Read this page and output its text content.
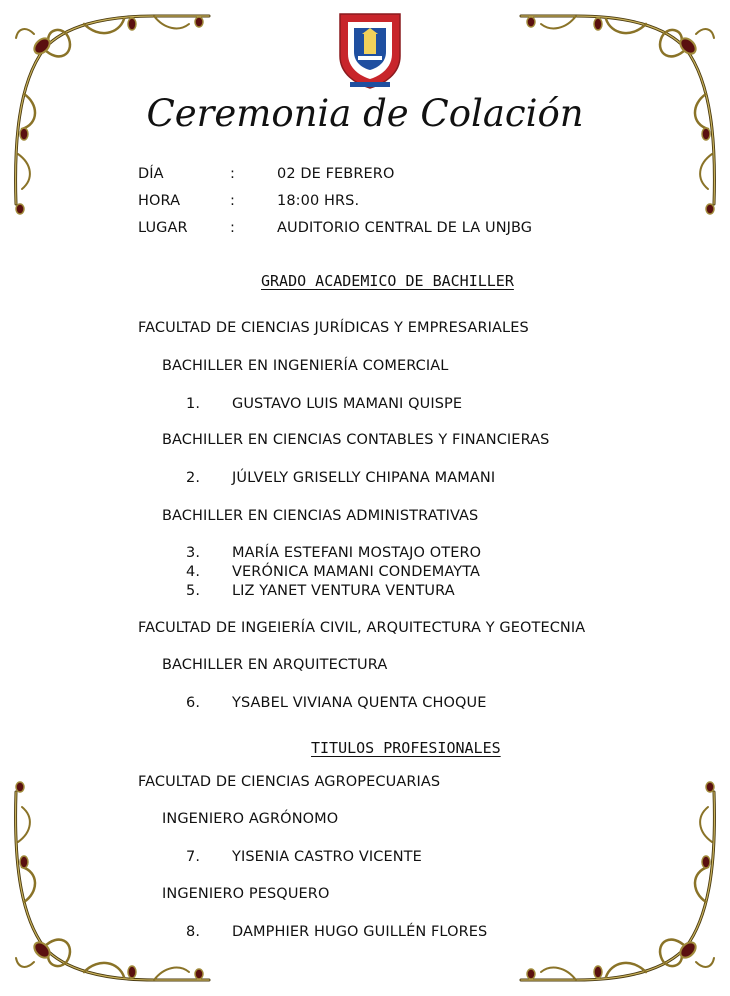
Ceremonia de Colación
DÍA	:	02 DE FEBRERO
HORA	:	18:00 HRS.
LUGAR	:	AUDITORIO CENTRAL DE LA UNJBG
GRADO ACADEMICO DE BACHILLER
FACULTAD DE CIENCIAS JURÍDICAS Y EMPRESARIALES
BACHILLER EN INGENIERÍA COMERCIAL
1. GUSTAVO LUIS MAMANI QUISPE
BACHILLER EN CIENCIAS CONTABLES Y FINANCIERAS
2. JÚLVELY GRISELLY CHIPANA MAMANI
BACHILLER EN CIENCIAS ADMINISTRATIVAS
3. MARÍA ESTEFANI MOSTAJO OTERO
4. VERÓNICA MAMANI CONDEMAYTA
5. LIZ YANET VENTURA VENTURA
FACULTAD DE INGEIERÍA CIVIL, ARQUITECTURA Y GEOTECNIA
BACHILLER EN ARQUITECTURA
6. YSABEL VIVIANA QUENTA CHOQUE
TITULOS PROFESIONALES
FACULTAD DE CIENCIAS AGROPECUARIAS
INGENIERO AGRÓNOMO
7. YISENIA CASTRO VICENTE
INGENIERO PESQUERO
8. DAMPHIER HUGO GUILLÉN FLORES
